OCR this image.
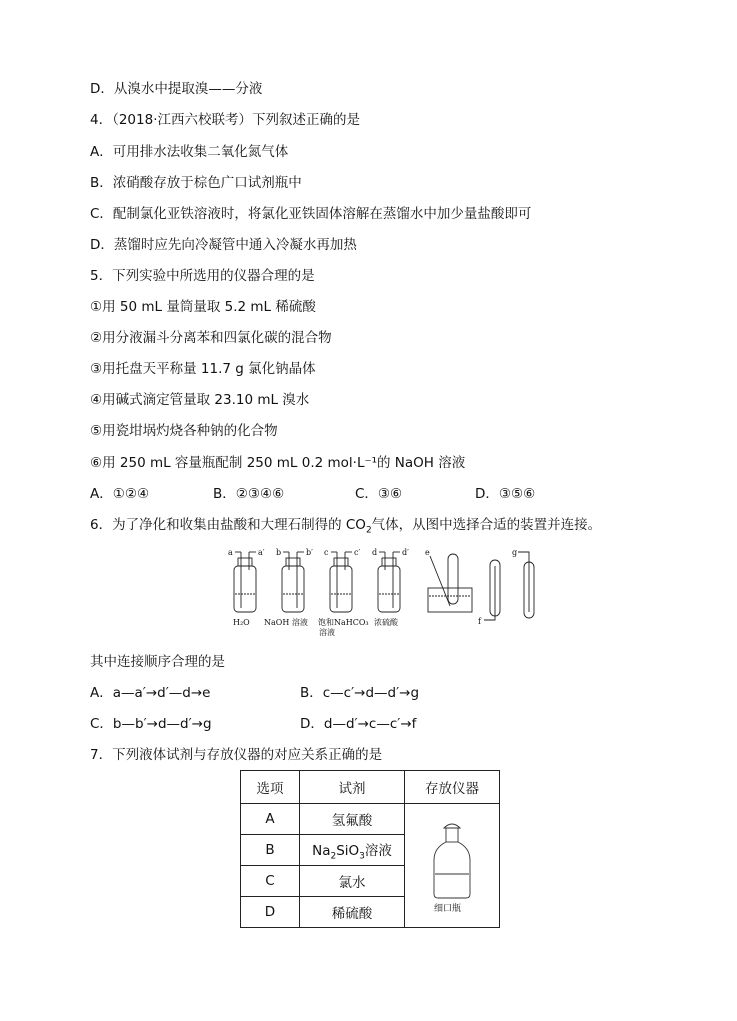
D．从溴水中提取溴——分液
4．（2018·江西六校联考）下列叙述正确的是
A．可用排水法收集二氧化氮气体
B．浓硝酸存放于棕色广口试剂瓶中
C．配制氯化亚铁溶液时，将氯化亚铁固体溶解在蒸馏水中加少量盐酸即可
D．蒸馏时应先向冷凝管中通入冷凝水再加热
5．下列实验中所选用的仪器合理的是
①用 50 mL 量筒量取 5.2 mL 稀硫酸
②用分液漏斗分离苯和四氯化碳的混合物
③用托盘天平称量 11.7 g 氯化钠晶体
④用碱式滴定管量取 23.10 mL 溴水
⑤用瓷坩埚灼烧各种钠的化合物
⑥用 250 mL 容量瓶配制 250 mL 0.2 mol·L⁻¹的 NaOH 溶液
A．①②④	B．②③④⑥	C．③⑥	D．③⑤⑥
6．为了净化和收集由盐酸和大理石制得的 $CO_2$气体，从图中选择合适的装置并连接。
a	a′ b	b′ c	c′ d	d′ e
f
g
H₂O NaOH 溶液 饱和NaHCO₃
溶液
浓硫酸
其中连接顺序合理的是
A．a—a′→d′—d→e	B．c—c′→d—d′→g
C．b—b′→d—d′→g	D．d—d′→c—c′→f
7．下列液体试剂与存放仪器的对应关系正确的是
选项	试剂	存放仪器
A	氢氟酸	细口瓶

B	$Na_2SiO_3$溶液	
C	氯水	
D	稀硫酸	
